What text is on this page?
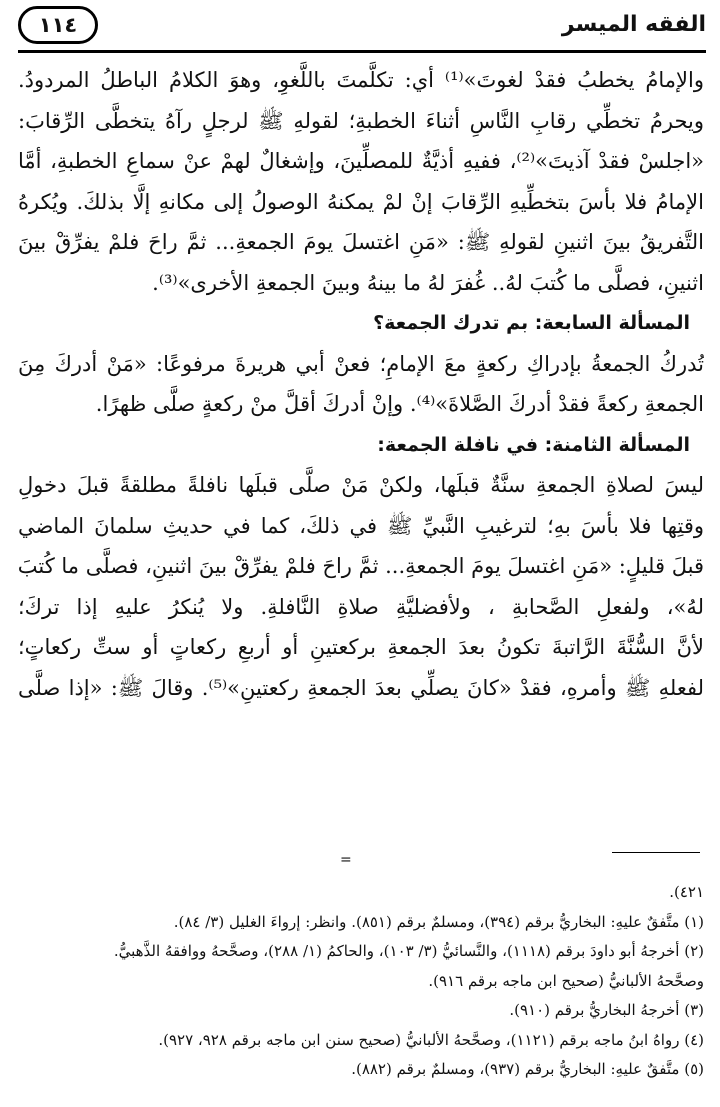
الفقه الميسر
١١٤
والإمامُ يخطبُ فقدْ لغوتَ»⁽¹⁾ أي: تكلَّمتَ باللَّغوِ، وهوَ الكلامُ الباطلُ المردودُ.
ويحرمُ تخطِّي رقابِ النَّاسِ أثناءَ الخطبةِ؛ لقولهِ ﷺ لرجلٍ رآهُ يتخطَّى الرِّقابَ:
«اجلسْ فقدْ آذيتَ»⁽²⁾، ففيهِ أذيَّةٌ للمصلِّينَ، وإشغالٌ لهمْ عنْ سماعِ الخطبةِ، أمَّا
الإمامُ فلا بأسَ بتخطِّيهِ الرِّقابَ إنْ لمْ يمكنهُ الوصولُ إلى مكانهِ إلَّا بذلكَ. ويُكرهُ
التَّفريقُ بينَ اثنينِ لقولهِ ﷺ: «مَنِ اغتسلَ يومَ الجمعةِ... ثمَّ راحَ فلمْ يفرِّقْ بينَ
اثنينِ، فصلَّى ما كُتبَ لهُ.. غُفرَ لهُ ما بينهُ وبينَ الجمعةِ الأخرى»⁽³⁾.
المسألة السابعة: بم تدرك الجمعة؟
تُدركُ الجمعةُ بإدراكِ ركعةٍ معَ الإمامِ؛ فعنْ أبي هريرةَ مرفوعًا: «مَنْ أدركَ مِنَ
الجمعةِ ركعةً فقدْ أدركَ الصَّلاةَ»⁽⁴⁾. وإنْ أدركَ أقلَّ منْ ركعةٍ صلَّى ظهرًا.
المسألة الثامنة: في نافلة الجمعة:
ليسَ لصلاةِ الجمعةِ سنَّةٌ قبلَها، ولكنْ مَنْ صلَّى قبلَها نافلةً مطلقةً قبلَ دخولِ
وقتِها فلا بأسَ بهِ؛ لترغيبِ النَّبيِّ ﷺ في ذلكَ، كما في حديثِ سلمانَ الماضي
قبلَ قليلٍ: «مَنِ اغتسلَ يومَ الجمعةِ... ثمَّ راحَ فلمْ يفرِّقْ بينَ اثنينِ، فصلَّى ما كُتبَ
لهُ»، ولفعلِ الصَّحابةِ ، ولأفضليَّةِ صلاةِ النَّافلةِ. ولا يُنكرُ عليهِ إذا تركَ؛
لأنَّ السُّنَّةَ الرَّاتبةَ تكونُ بعدَ الجمعةِ بركعتينِ أو أربعِ ركعاتٍ أو ستِّ ركعاتٍ؛
لفعلهِ ﷺ وأمرهِ، فقدْ «كانَ يصلِّي بعدَ الجمعةِ ركعتينِ»⁽⁵⁾. وقالَ ﷺ: «إذا صلَّى
=
٤٢١).
(١) متَّفقٌ عليهِ: البخاريُّ برقم (٣٩٤)، ومسلمٌ برقم (٨٥١). وانظر: إرواءَ الغليل (٣/ ٨٤).
(٢) أخرجهُ أبو داودَ برقم (١١١٨)، والنَّسائيُّ (٣/ ١٠٣)، والحاكمُ (١/ ٢٨٨)، وصحَّحهُ ووافقهُ الذَّهبيُّ.
وصحَّحهُ الألبانيُّ (صحيح ابن ماجه برقم ٩١٦).
(٣) أخرجهُ البخاريُّ برقم (٩١٠).
(٤) رواهُ ابنُ ماجه برقم (١١٢١)، وصحَّحهُ الألبانيُّ (صحيح سنن ابن ماجه برقم ٩٢٨، ٩٢٧).
(٥) متَّفقٌ عليهِ: البخاريُّ برقم (٩٣٧)، ومسلمٌ برقم (٨٨٢).
